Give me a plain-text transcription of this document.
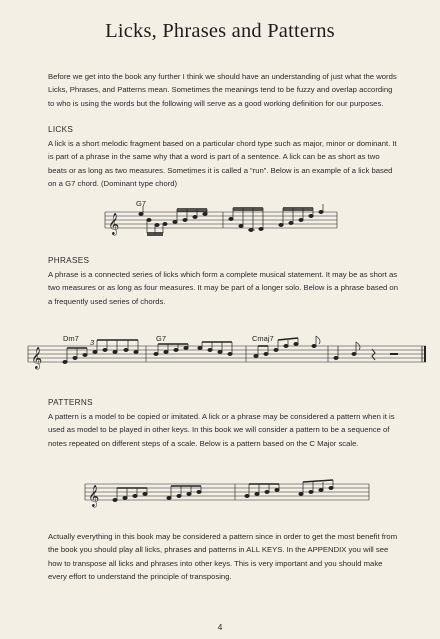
Licks, Phrases and Patterns

Before we get into the book any further I think we should have an understanding of just what the words Licks, Phrases, and Patterns mean. Sometimes the meanings tend to be fuzzy and overlap according to who is using the words but the following will serve as a good working definition for our purposes.

LICKS

A lick is a short melodic fragment based on a particular chord type such as major, minor or dominant. It is part of a phrase in the same why that a word is part of a sentence. A lick can be as short as two beats or as long as two measures. Sometimes it is called a “run”. Below is an example of a lick based on a G7 chord. (Dominant type chord)

𝄞
G7

PHRASES

A phrase is a connected series of licks which form a complete musical statement. It may be as short as two measures or as long as four measures. It may be part of a longer solo. Below is a phrase based on a frequently used series of chords.

𝄞
Dm7 3	G7	Cmaj7

PATTERNS

A pattern is a model to be copied or imitated. A lick or a phrase may be considered a pattern when it is used as model to be played in other keys. In this book we will consider a pattern to be a sequence of notes repeated on different steps of a scale. Below is a pattern based on the C Major scale.

𝄞

Actually everything in this book may be considered a pattern since in order to get the most benefit from the book you should play all licks, phrases and patterns in ALL KEYS. In the APPENDIX you will see how to transpose all licks and phrases into other keys. This is very important and you should make every effort to understand the principle of transposing.

4
